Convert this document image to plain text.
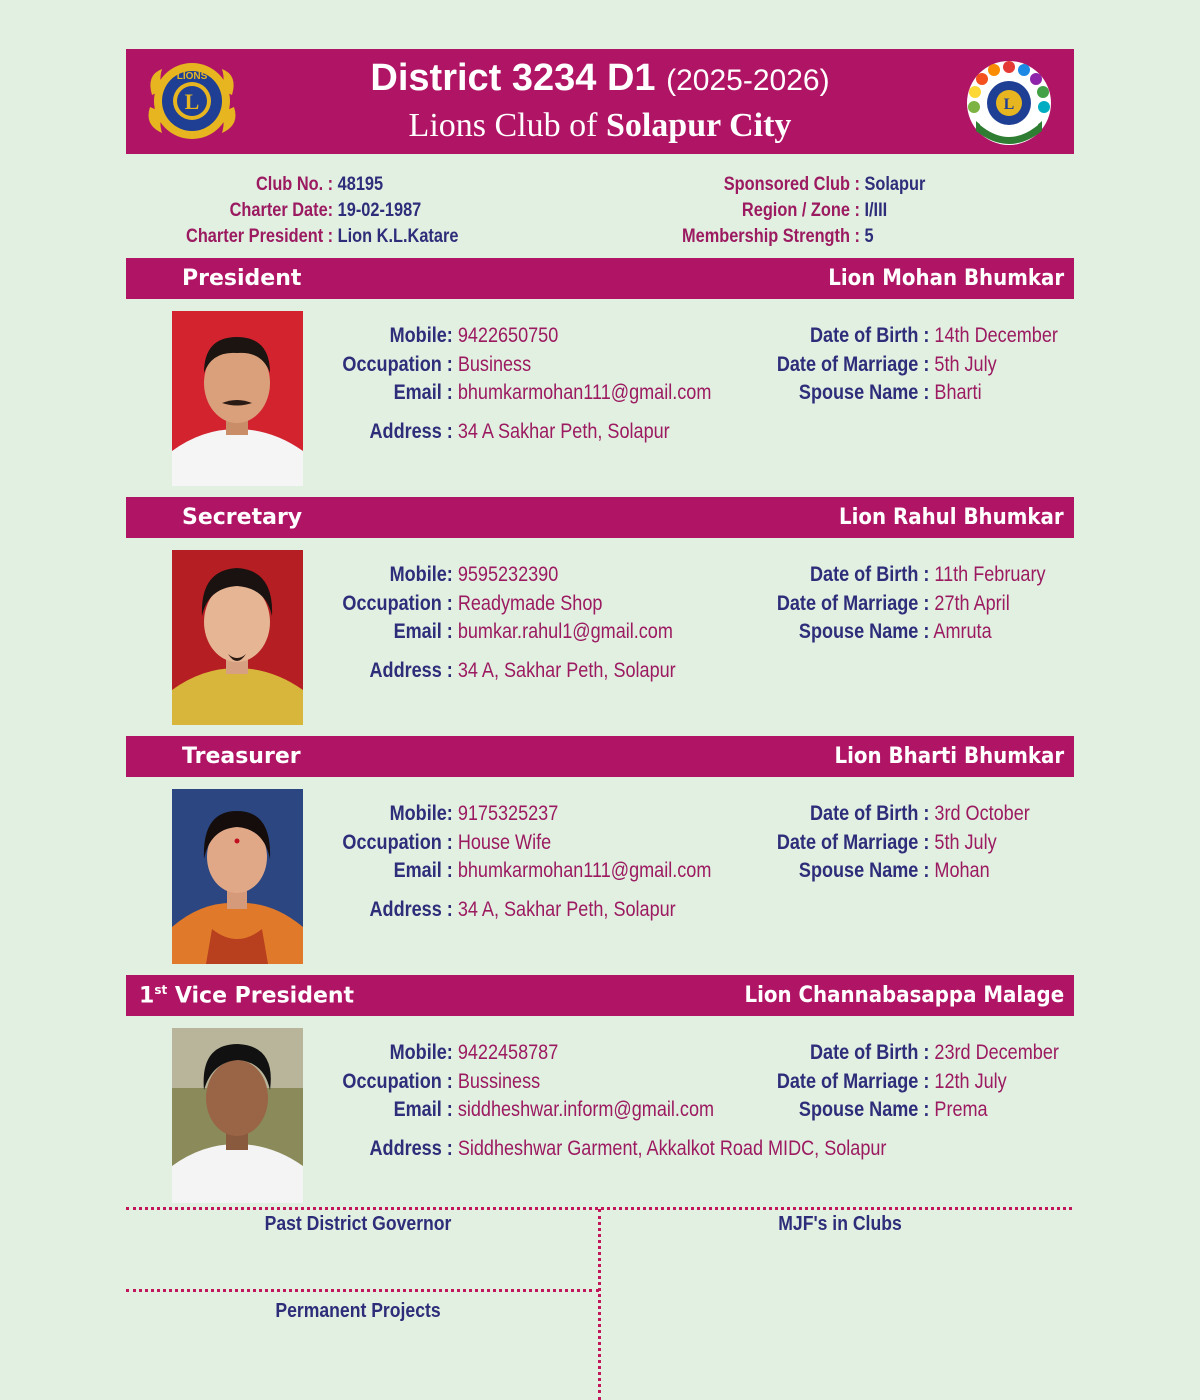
L
LIONS	District 3234 D1 (2025-2026)
Lions Club of Solapur City
L
Club No. : 48195
Charter Date: 19-02-1987
Charter President : Lion K.L.Katare
Sponsored Club : Solapur
Region / Zone : I/III
Membership Strength : 5
President	Lion Mohan Bhumkar
Mobile: 9422650750
Occupation : Business
Email : bhumkarmohan111@gmail.com
Address : 34 A Sakhar Peth, Solapur
Date of Birth : 14th December
Date of Marriage : 5th July
Spouse Name : Bharti
Secretary	Lion Rahul Bhumkar
Mobile: 9595232390
Occupation : Readymade Shop
Email : bumkar.rahul1@gmail.com
Address : 34 A, Sakhar Peth, Solapur
Date of Birth : 11th February
Date of Marriage : 27th April
Spouse Name : Amruta
Treasurer	Lion Bharti Bhumkar
Mobile: 9175325237
Occupation : House Wife
Email : bhumkarmohan111@gmail.com
Address : 34 A, Sakhar Peth, Solapur
Date of Birth : 3rd October
Date of Marriage : 5th July
Spouse Name : Mohan
1st Vice President	Lion Channabasappa Malage
Mobile: 9422458787
Occupation : Bussiness
Email : siddheshwar.inform@gmail.com
Address : Siddheshwar Garment, Akkalkot Road MIDC, Solapur
Date of Birth : 23rd December
Date of Marriage : 12th July
Spouse Name : Prema
Past District Governor	MJF's in Clubs
Permanent Projects
